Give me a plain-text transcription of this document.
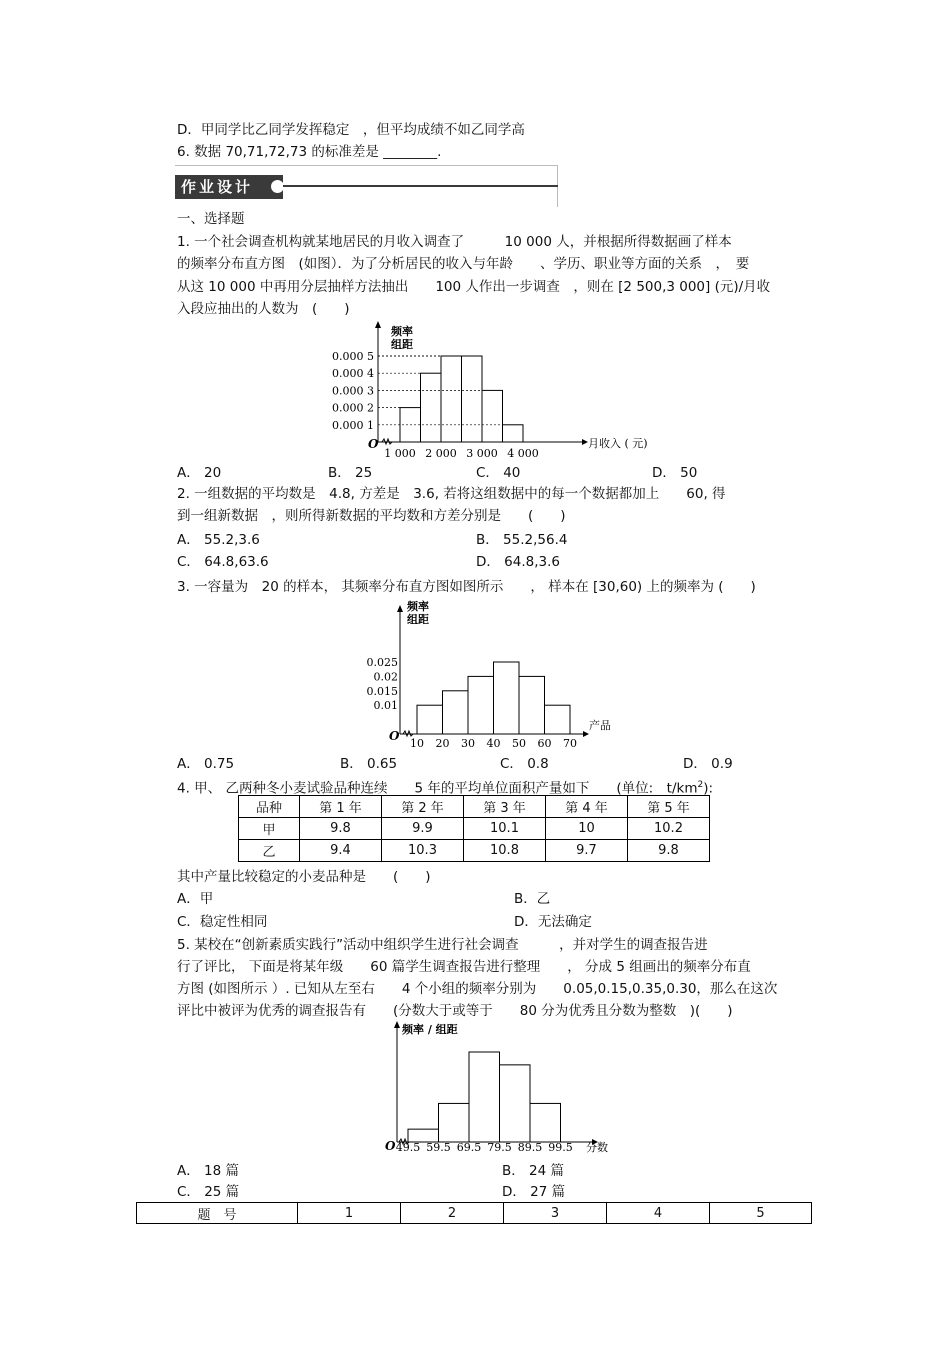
D．甲同学比乙同学发挥稳定　，但平均成绩不如乙同学高
6. 数据 70,71,72,73 的标准差是 ________.
作业设计
一、选择题
1. 一个社会调查机构就某地居民的月收入调查了　　　10 000 人，并根据所得数据画了样本
的频率分布直方图　(如图）．为了分析居民的收入与年龄　　、学历、职业等方面的关系　，　要
从这 10 000 中再用分层抽样方法抽出　　100 人作出一步调查　，则在 [2 500,3 000] (元)/月收
入段应抽出的人数为　(　　)
频率
组距
月收入 ( 元)
O
0.000 5
0.000 4
0.000 3
0.000 2
0.000 1
1 000 2 000 3 000 4 000
A． 20	B． 25	C． 40	D． 50
2. 一组数据的平均数是　4.8, 方差是　3.6, 若将这组数据中的每一个数据都加上　　60, 得
到一组新数据　，则所得新数据的平均数和方差分别是　　(　　)
A． 55.2,3.6	B． 55.2,56.4
C． 64.8,63.6	D． 64.8,3.6
3. 一容量为　20 的样本， 其频率分布直方图如图所示　　， 样本在 [30,60) 上的频率为 (　　)
频率
组距
产品
O
0.025
0.02
0.015
0.01
10 20 30 40 50 60 70
A． 0.75	B． 0.65	C． 0.8	D． 0.9
4. 甲、 乙两种冬小麦试验品种连续　　5 年的平均单位面积产量如下　　(单位:　$t/km^2$):
品种	第 1 年	第 2 年	第 3 年	第 4 年	第 5 年
甲	9.8	9.9	10.1	10	10.2
乙	9.4	10.3	10.8	9.7	9.8
其中产量比较稳定的小麦品种是　　(　　)
A．甲	B．乙
C．稳定性相同	D．无法确定
5. 某校在“创新素质实践行”活动中组织学生进行社会调查　　　，并对学生的调查报告进
行了评比， 下面是将某年级　　60 篇学生调查报告进行整理　　， 分成 5 组画出的频率分布直
方图 (如图所示 ）. 已知从左至右　　4 个小组的频率分别为　　0.05,0.15,0.35,0.30，那么在这次
评比中被评为优秀的调查报告有　　(分数大于或等于　　80 分为优秀且分数为整数　)(　　)
频率 / 组距
O 49.5 59.5 69.5 79.5 89.5 99.5 分数
A． 18 篇	B． 24 篇
C． 25 篇	D． 27 篇
题　号	1	2	3	4	5
